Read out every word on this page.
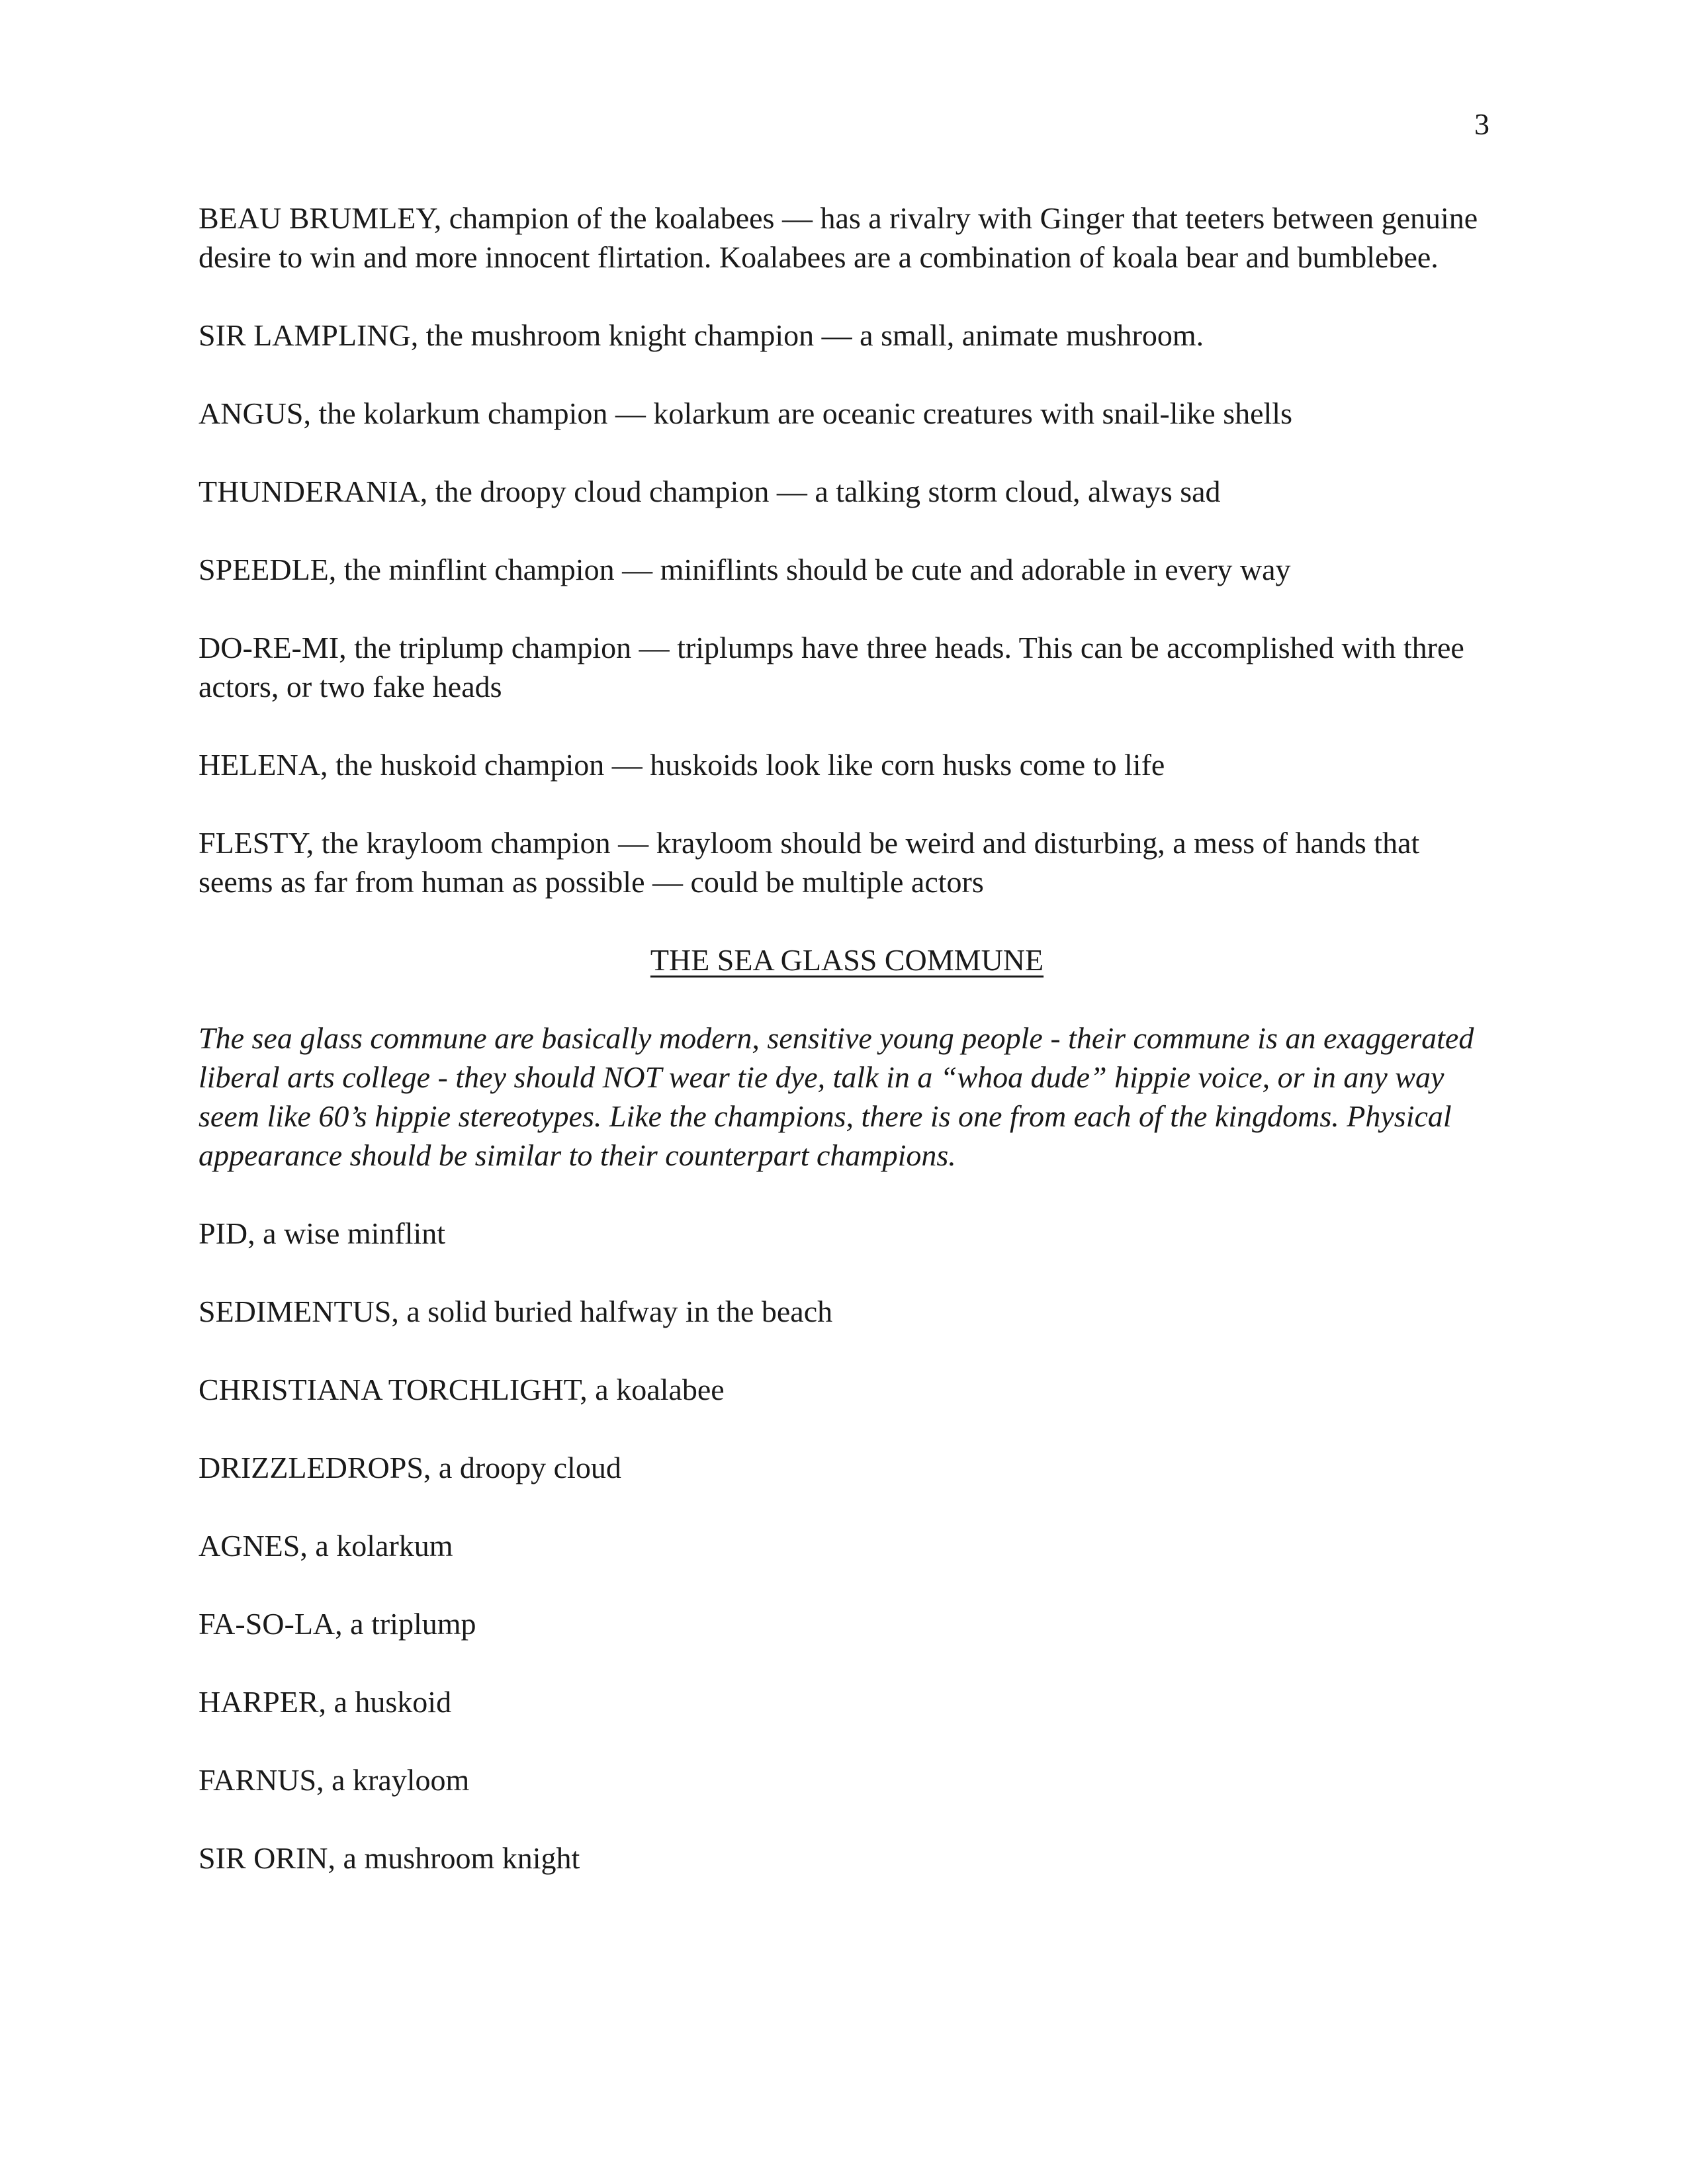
3

BEAU BRUMLEY, champion of the koalabees — has a rivalry with Ginger that teeters between genuine desire to win and more innocent flirtation. Koalabees are a combination of koala bear and bumblebee.

SIR LAMPLING, the mushroom knight champion — a small, animate mushroom.

ANGUS, the kolarkum champion — kolarkum are oceanic creatures with snail-like shells

THUNDERANIA, the droopy cloud champion — a talking storm cloud, always sad

SPEEDLE, the minflint champion — miniflints should be cute and adorable in every way

DO-RE-MI, the triplump champion — triplumps have three heads. This can be accomplished with three actors, or two fake heads

HELENA, the huskoid champion — huskoids look like corn husks come to life

FLESTY, the krayloom champion — krayloom should be weird and disturbing, a mess of hands that seems as far from human as possible — could be multiple actors

THE SEA GLASS COMMUNE

The sea glass commune are basically modern, sensitive young people - their commune is an exaggerated liberal arts college - they should NOT wear tie dye, talk in a “whoa dude” hippie voice, or in any way seem like 60’s hippie stereotypes. Like the champions, there is one from each of the kingdoms. Physical appearance should be similar to their counterpart champions.

PID, a wise minflint

SEDIMENTUS, a solid buried halfway in the beach

CHRISTIANA TORCHLIGHT, a koalabee

DRIZZLEDROPS, a droopy cloud

AGNES, a kolarkum

FA-SO-LA, a triplump

HARPER, a huskoid

FARNUS, a krayloom

SIR ORIN, a mushroom knight
